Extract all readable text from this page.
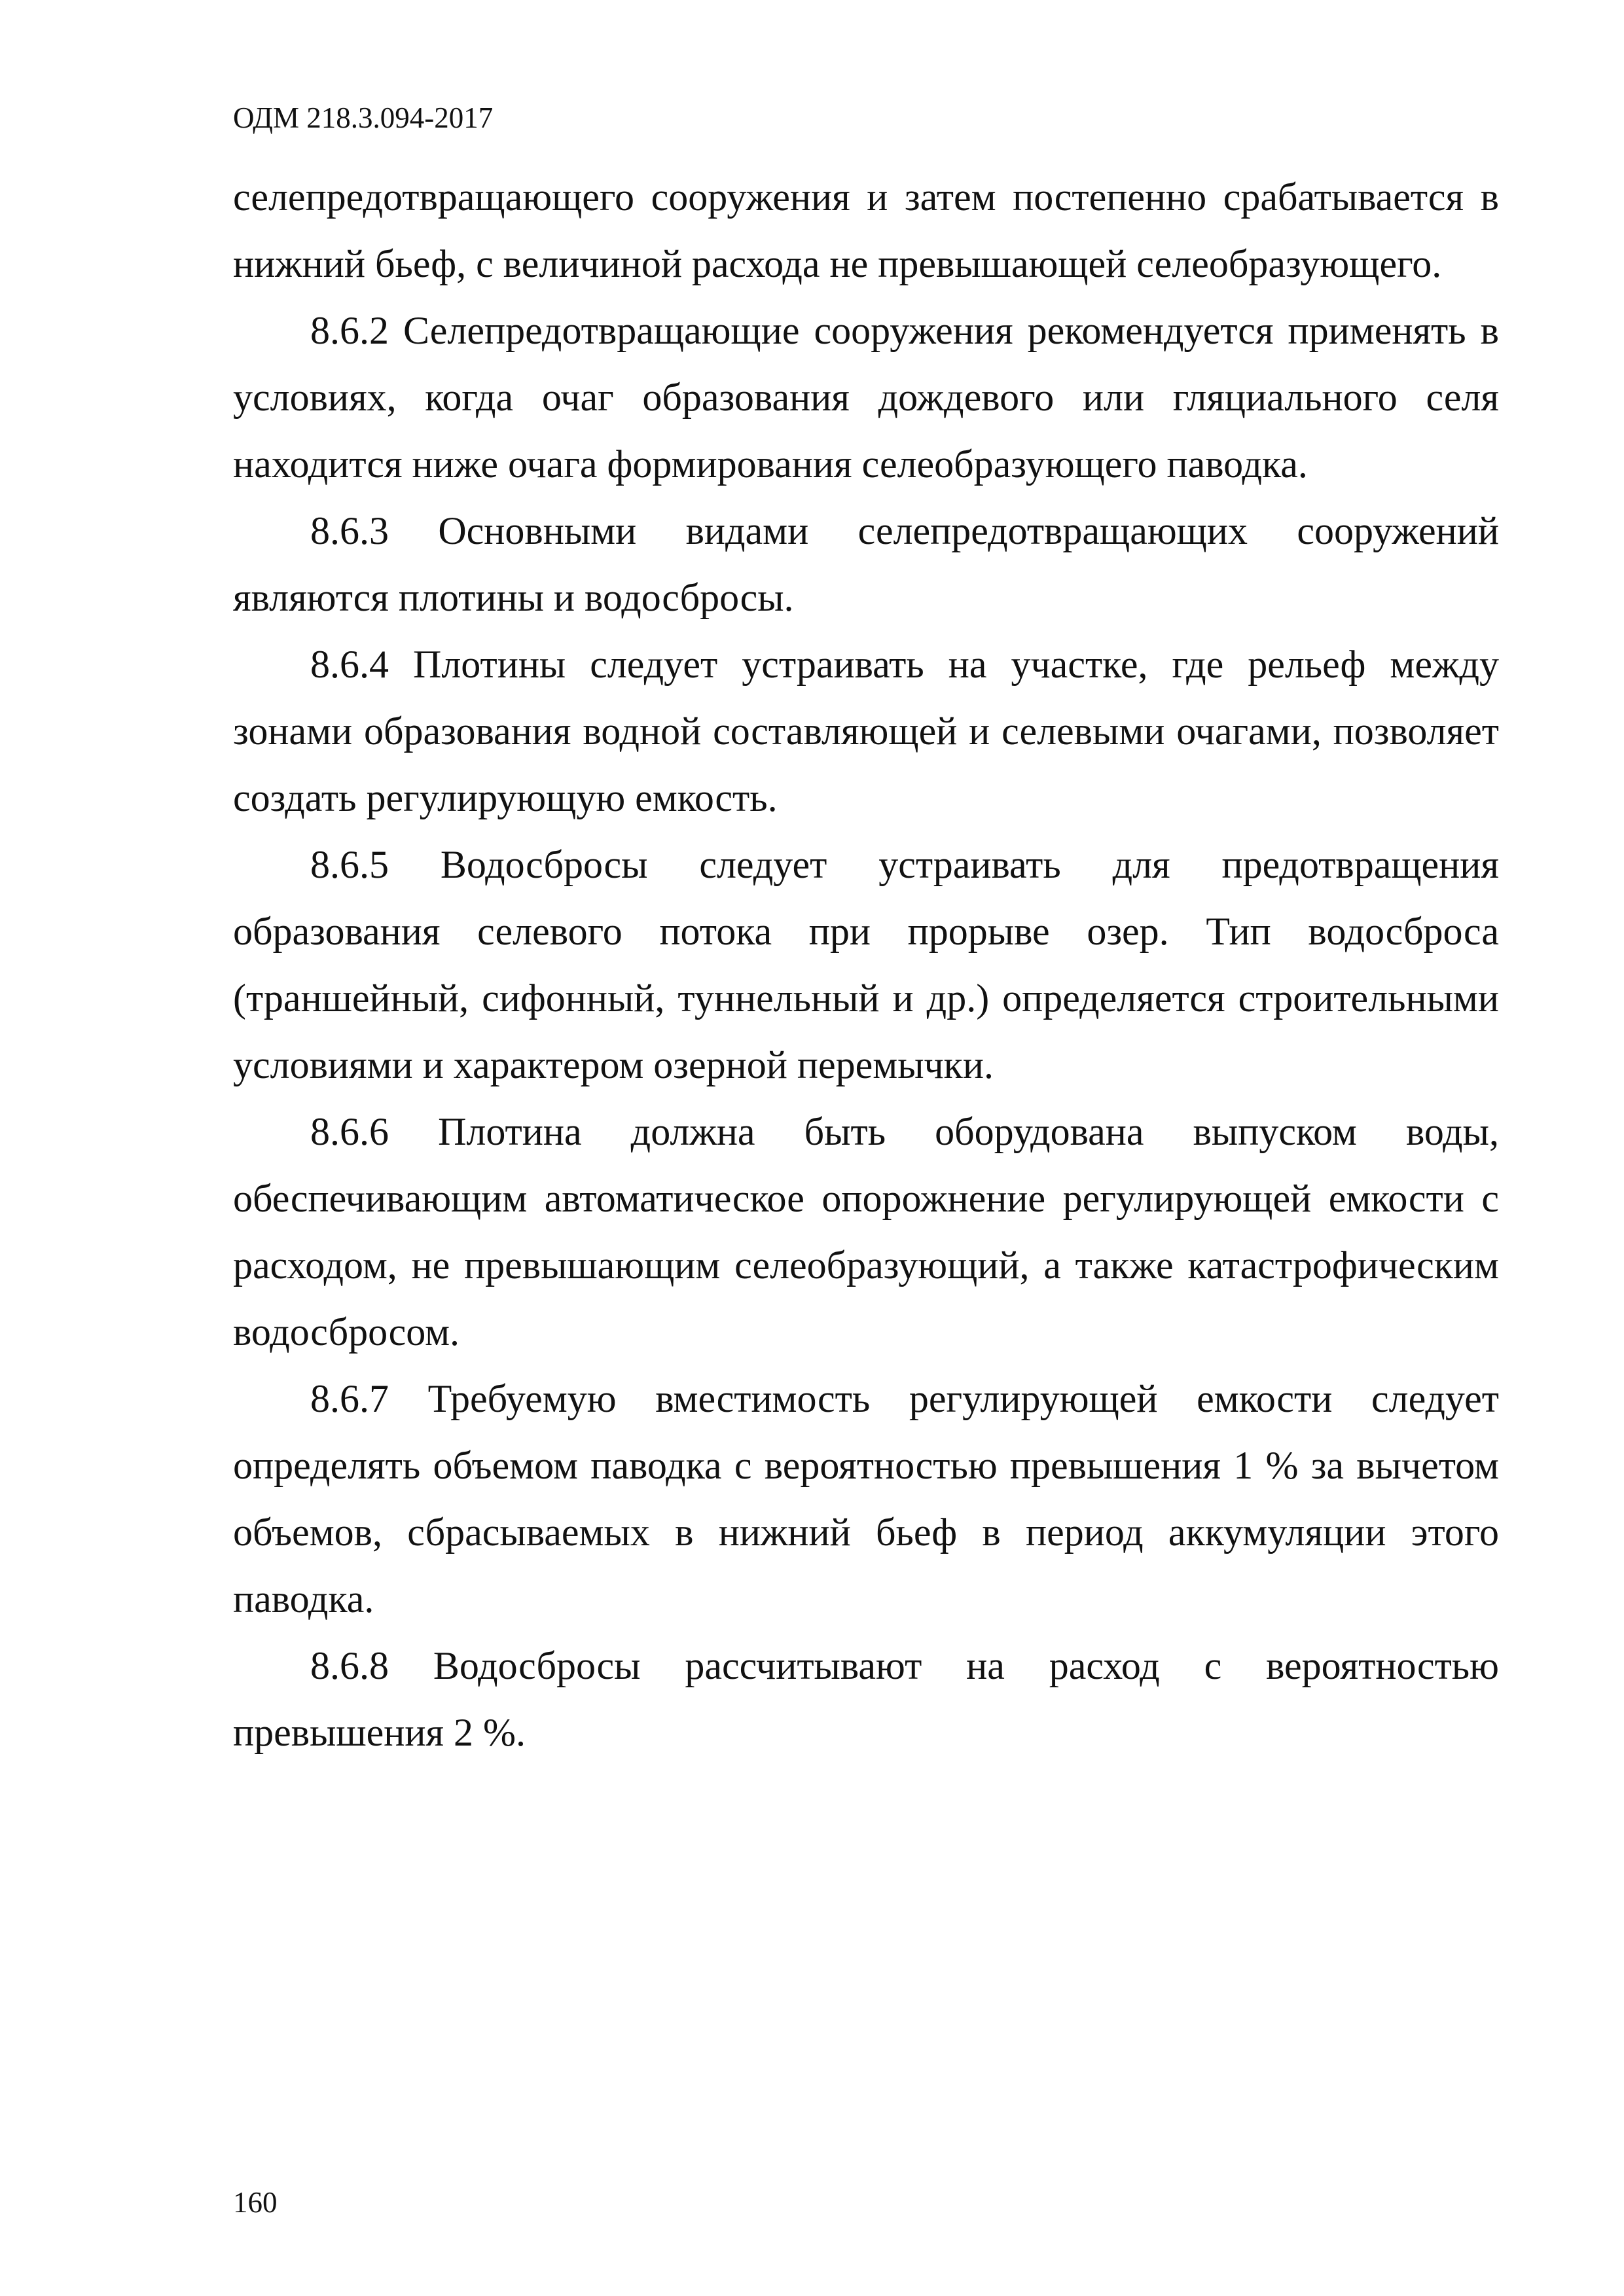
ОДМ 218.3.094-2017

селепредотвращающего сооружения и затем постепенно срабатывается в нижний бьеф, с величиной расхода не превышающей селеобразующего.

8.6.2 Селепредотвращающие сооружения рекомендуется применять в условиях, когда очаг образования дождевого или гляциального селя находится ниже очага формирования селеобразующего паводка.

8.6.3 Основными видами селепредотвращающих сооружений являются плотины и водосбросы.

8.6.4 Плотины следует устраивать на участке, где рельеф между зонами образования водной составляющей и селевыми очагами, позволяет создать регулирующую емкость.

8.6.5 Водосбросы следует устраивать для предотвращения образования селевого потока при прорыве озер. Тип водосброса (траншейный, сифонный, туннельный и др.) определяется строительными условиями и характером озерной перемычки.

8.6.6 Плотина должна быть оборудована выпуском воды, обеспечивающим автоматическое опорожнение регулирующей емкости с расходом, не превышающим селеобразующий, а также катастрофическим водосбросом.

8.6.7 Требуемую вместимость регулирующей емкости следует определять объемом паводка с вероятностью превышения 1 % за вычетом объемов, сбрасываемых в нижний бьеф в период аккумуляции этого паводка.

8.6.8 Водосбросы рассчитывают на расход с вероятностью превышения 2 %.

160
